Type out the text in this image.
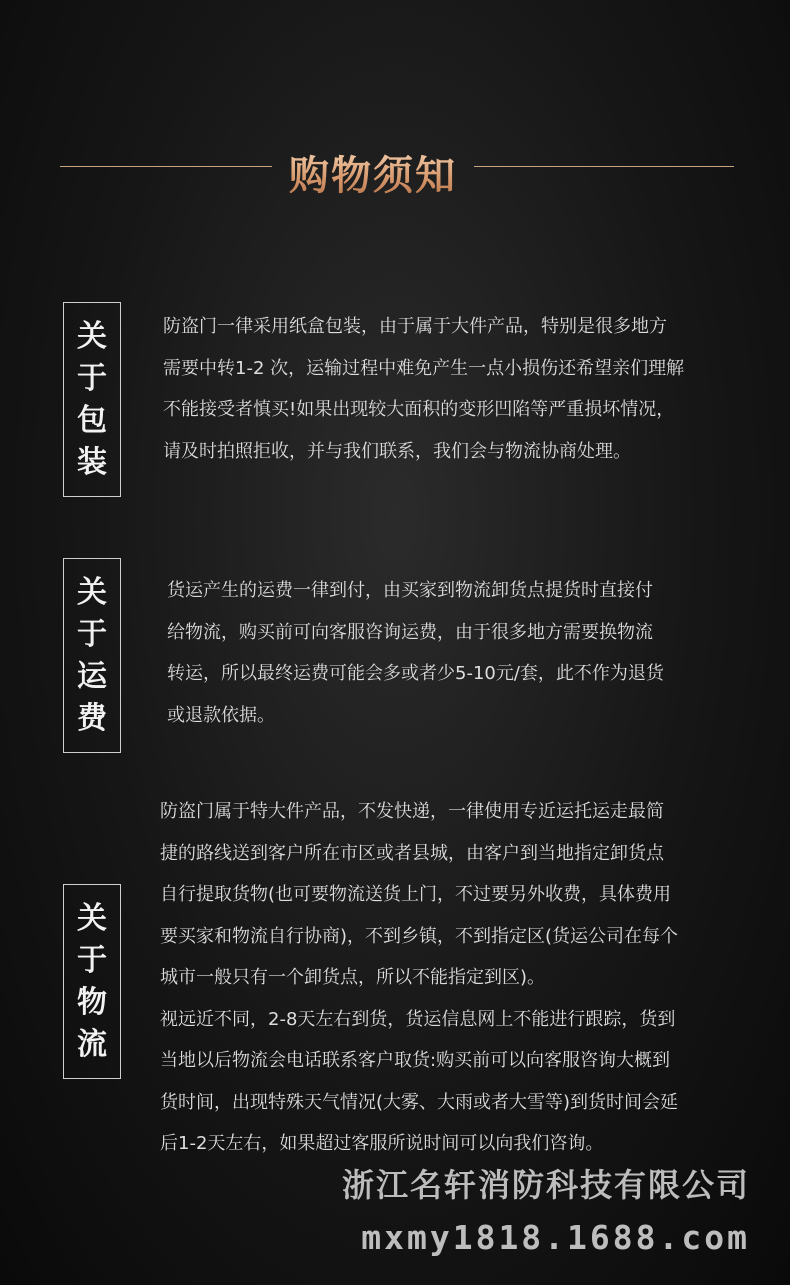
购物须知
关
于
包
装

防盗门一律采用纸盒包装，由于属于大件产品，特别是很多地方

需要中转1-2 次，运输过程中难免产生一点小损伤还希望亲们理解

不能接受者慎买!如果出现较大面积的变形凹陷等严重损坏情况，

请及时拍照拒收，并与我们联系，我们会与物流协商处理。

关
于
运
费

货运产生的运费一律到付，由买家到物流卸货点提货时直接付

给物流，购买前可向客服咨询运费，由于很多地方需要换物流

转运，所以最终运费可能会多或者少5-10元/套，此不作为退货

或退款依据。

关
于
物
流

防盗门属于特大件产品，不发快递，一律使用专近运托运走最简

捷的路线送到客户所在市区或者县城，由客户到当地指定卸货点

自行提取货物(也可要物流送货上门，不过要另外收费，具体费用

要买家和物流自行协商)，不到乡镇，不到指定区(货运公司在每个

城市一般只有一个卸货点，所以不能指定到区)。

视远近不同，2-8天左右到货，货运信息网上不能进行跟踪，货到

当地以后物流会电话联系客户取货:购买前可以向客服咨询大概到

货时间，出现特殊天气情况(大雾、大雨或者大雪等)到货时间会延

后1-2天左右，如果超过客服所说时间可以向我们咨询。

浙江名轩消防科技有限公司
mxmy1818.1688.com
